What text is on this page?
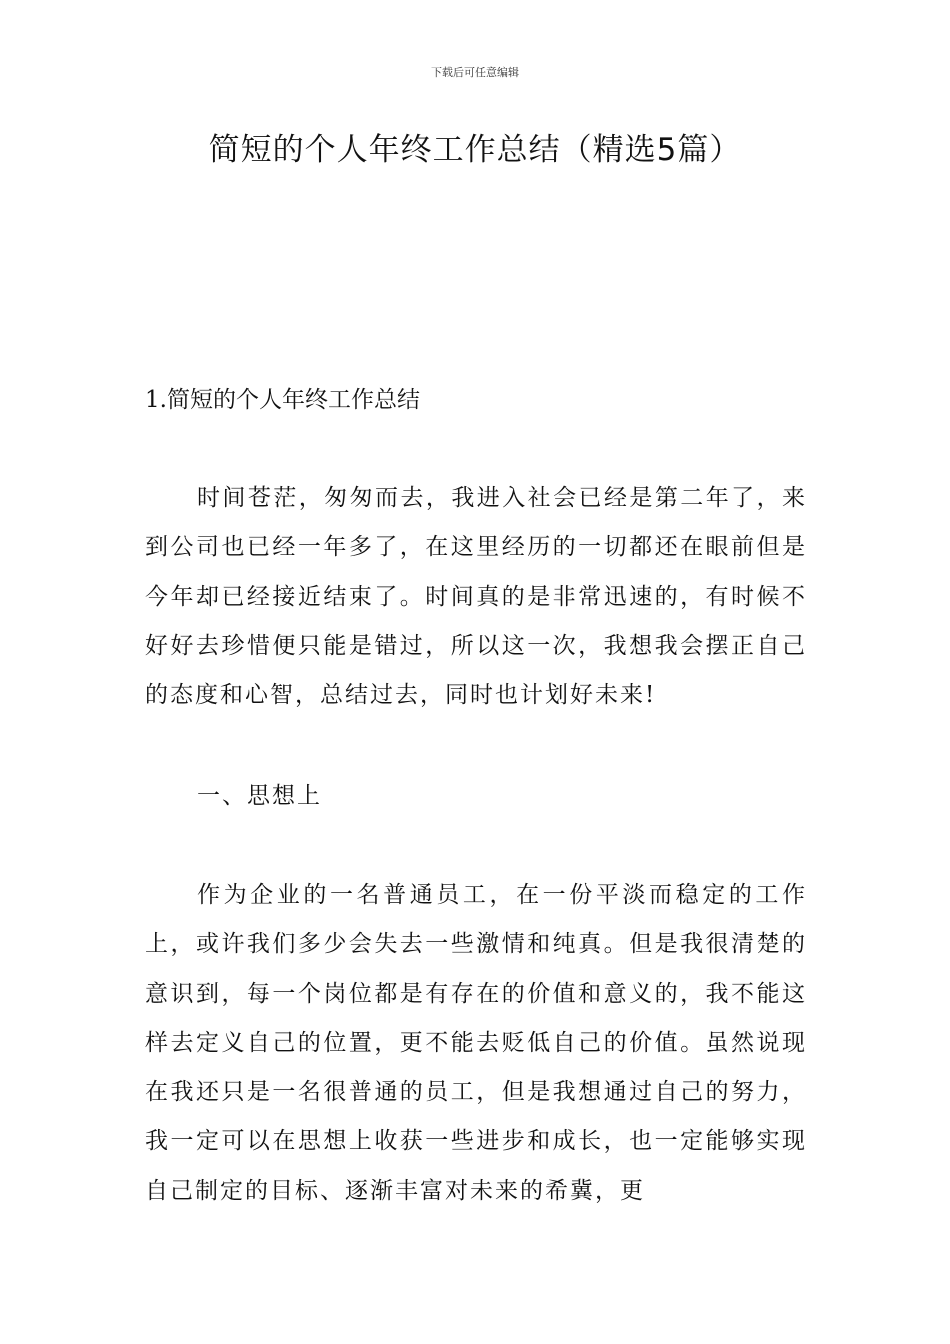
下载后可任意编辑
简短的个人年终工作总结（精选5篇）
1.简短的个人年终工作总结

时间苍茫，匆匆而去，我进入社会已经是第二年了，来到公司也已经一年多了，在这里经历的一切都还在眼前但是今年却已经接近结束了。时间真的是非常迅速的，有时候不好好去珍惜便只能是错过，所以这一次，我想我会摆正自己的态度和心智，总结过去，同时也计划好未来!

一、思想上

作为企业的一名普通员工，在一份平淡而稳定的工作上，或许我们多少会失去一些激情和纯真。但是我很清楚的意识到，每一个岗位都是有存在的价值和意义的，我不能这样去定义自己的位置，更不能去贬低自己的价值。虽然说现在我还只是一名很普通的员工，但是我想通过自己的努力，我一定可以在思想上收获一些进步和成长，也一定能够实现自己制定的目标、逐渐丰富对未来的希冀，更
